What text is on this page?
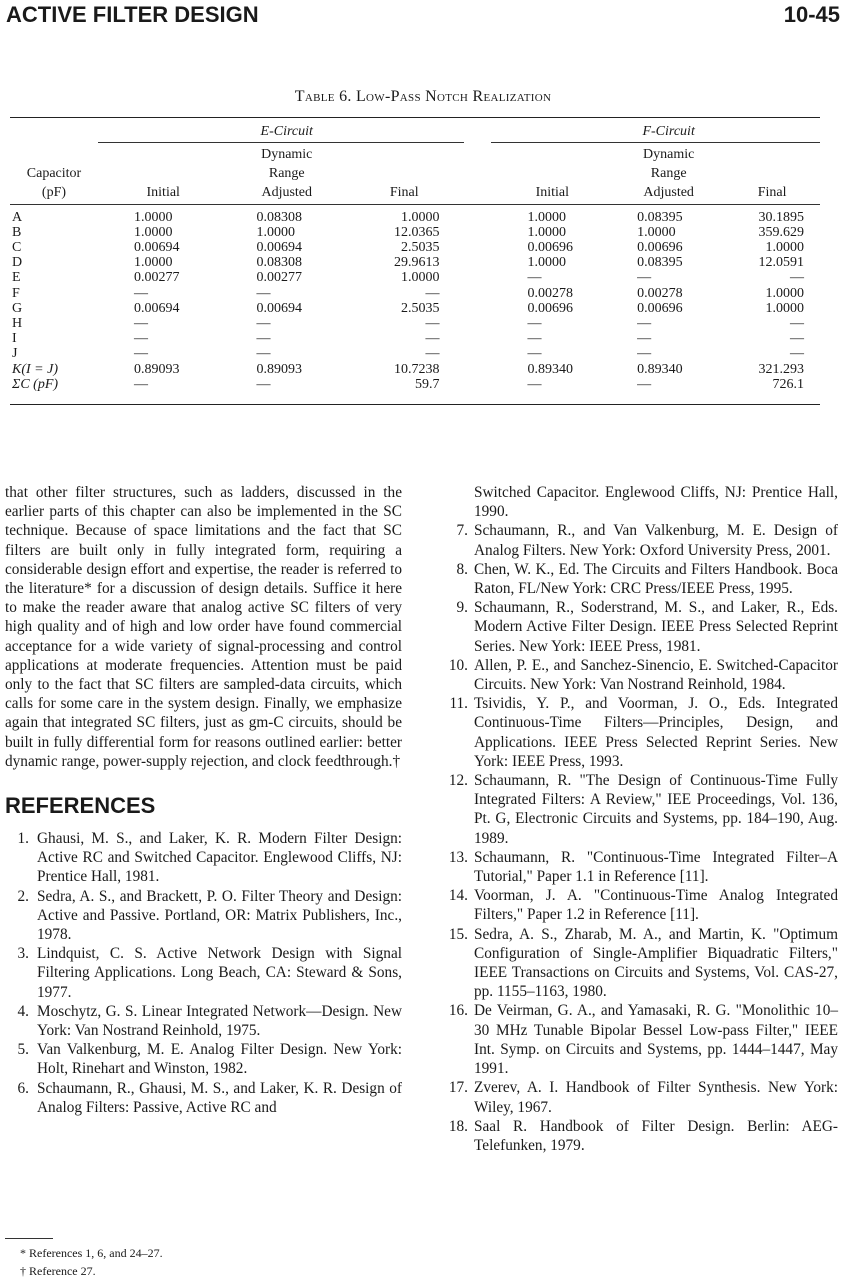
ACTIVE FILTER DESIGN	10-45
Table 6. Low-Pass Notch Realization

		E-Circuit				F-Circuit	
		Dynamic				Dynamic	
Capacitor		Range				Range	
(pF)	Initial	Adjusted	Final		Initial	Adjusted	Final
A	1.0000	0.08308	1.0000		1.0000	0.08395	30.1895
B	1.0000	1.0000	12.0365		1.0000	1.0000	359.629
C	0.00694	0.00694	2.5035		0.00696	0.00696	1.0000
D	1.0000	0.08308	29.9613		1.0000	0.08395	12.0591
E	0.00277	0.00277	1.0000		—	—	—
F	—	—	—		0.00278	0.00278	1.0000
G	0.00694	0.00694	2.5035		0.00696	0.00696	1.0000
H	—	—	—		—	—	—
I	—	—	—		—	—	—
J	—	—	—		—	—	—
K(I = J)	0.89093	0.89093	10.7238		0.89340	0.89340	321.293
ΣC (pF)	—	—	59.7		—	—	726.1

that other filter structures, such as ladders, discussed in the earlier parts of this chapter can also be implemented in the SC technique. Because of space limitations and the fact that SC filters are built only in fully integrated form, requiring a considerable design effort and expertise, the reader is referred to the literature* for a discussion of design details. Suffice it here to make the reader aware that analog active SC filters of very high quality and of high and low order have found commercial acceptance for a wide variety of signal-processing and control applications at moderate frequencies. Attention must be paid only to the fact that SC filters are sampled-data circuits, which calls for some care in the system design. Finally, we emphasize again that integrated SC filters, just as gm-C circuits, should be built in fully differential form for reasons outlined earlier: better dynamic range, power-supply rejection, and clock feedthrough.†

REFERENCES

1. Ghausi, M. S., and Laker, K. R. Modern Filter Design: Active RC and Switched Capacitor. Englewood Cliffs, NJ: Prentice Hall, 1981.

2. Sedra, A. S., and Brackett, P. O. Filter Theory and Design: Active and Passive. Portland, OR: Matrix Publishers, Inc., 1978.

3. Lindquist, C. S. Active Network Design with Signal Filtering Applications. Long Beach, CA: Steward & Sons, 1977.

4. Moschytz, G. S. Linear Integrated Network—Design. New York: Van Nostrand Reinhold, 1975.

5. Van Valkenburg, M. E. Analog Filter Design. New York: Holt, Rinehart and Winston, 1982.

6. Schaumann, R., Ghausi, M. S., and Laker, K. R. Design of Analog Filters: Passive, Active RC and

Switched Capacitor. Englewood Cliffs, NJ: Prentice Hall, 1990.

7. Schaumann, R., and Van Valkenburg, M. E. Design of Analog Filters. New York: Oxford University Press, 2001.

8. Chen, W. K., Ed. The Circuits and Filters Handbook. Boca Raton, FL/New York: CRC Press/IEEE Press, 1995.

9. Schaumann, R., Soderstrand, M. S., and Laker, R., Eds. Modern Active Filter Design. IEEE Press Selected Reprint Series. New York: IEEE Press, 1981.

10. Allen, P. E., and Sanchez-Sinencio, E. Switched-Capacitor Circuits. New York: Van Nostrand Reinhold, 1984.

11. Tsividis, Y. P., and Voorman, J. O., Eds. Integrated Continuous-Time Filters—Principles, Design, and Applications. IEEE Press Selected Reprint Series. New York: IEEE Press, 1993.

12. Schaumann, R. "The Design of Continuous-Time Fully Integrated Filters: A Review," IEE Proceedings, Vol. 136, Pt. G, Electronic Circuits and Systems, pp. 184–190, Aug. 1989.

13. Schaumann, R. "Continuous-Time Integrated Filter–A Tutorial," Paper 1.1 in Reference [11].

14. Voorman, J. A. "Continuous-Time Analog Integrated Filters," Paper 1.2 in Reference [11].

15. Sedra, A. S., Zharab, M. A., and Martin, K. "Optimum Configuration of Single-Amplifier Biquadratic Filters," IEEE Transactions on Circuits and Systems, Vol. CAS-27, pp. 1155–1163, 1980.

16. De Veirman, G. A., and Yamasaki, R. G. "Monolithic 10–30 MHz Tunable Bipolar Bessel Low-pass Filter," IEEE Int. Symp. on Circuits and Systems, pp. 1444–1447, May 1991.

17. Zverev, A. I. Handbook of Filter Synthesis. New York: Wiley, 1967.

18. Saal R. Handbook of Filter Design. Berlin: AEG-Telefunken, 1979.

* References 1, 6, and 24–27.
† Reference 27.
